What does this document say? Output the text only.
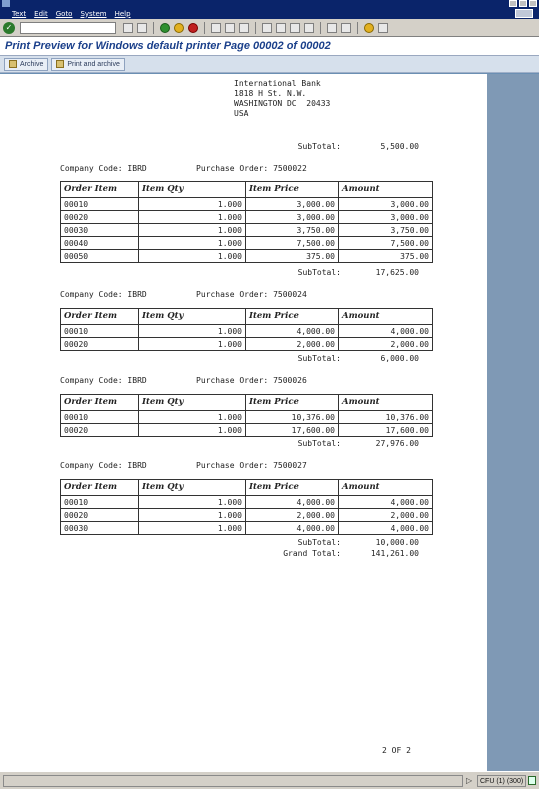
Text Edit Goto System Help
✓
Print Preview for Windows default printer Page 00002 of 00002
Archive	Print and archive
International Bank
1818 H St. N.W.
WASHINGTON DC  20433
USA
SubTotal:	5,500.00
Company Code: IBRD	Purchase Order: 7500022
Order Item	Item Qty	Item Price	Amount
00010	1.000	3,000.00	3,000.00
00020	1.000	3,000.00	3,000.00
00030	1.000	3,750.00	3,750.00
00040	1.000	7,500.00	7,500.00
00050	1.000	375.00	375.00
SubTotal:	17,625.00
Company Code: IBRD	Purchase Order: 7500024
Order Item	Item Qty	Item Price	Amount
00010	1.000	4,000.00	4,000.00
00020	1.000	2,000.00	2,000.00
SubTotal:	6,000.00
Company Code: IBRD	Purchase Order: 7500026
Order Item	Item Qty	Item Price	Amount
00010	1.000	10,376.00	10,376.00
00020	1.000	17,600.00	17,600.00
SubTotal:	27,976.00
Company Code: IBRD	Purchase Order: 7500027
Order Item	Item Qty	Item Price	Amount
00010	1.000	4,000.00	4,000.00
00020	1.000	2,000.00	2,000.00
00030	1.000	4,000.00	4,000.00
SubTotal:	10,000.00
Grand Total:	141,261.00
2 OF 2
▷	CFU (1) (300)
